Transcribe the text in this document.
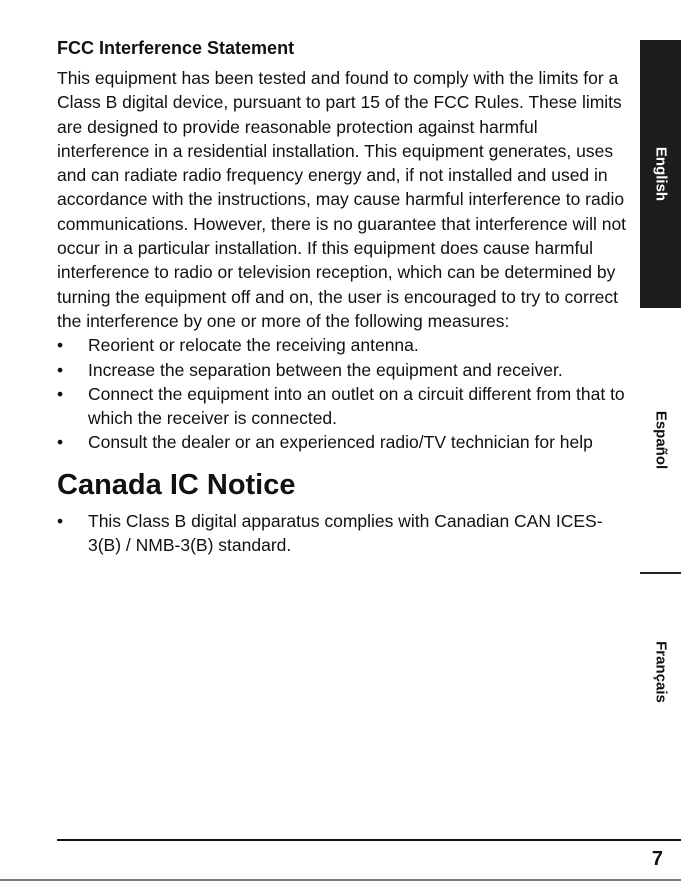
FCC Interference Statement

This equipment has been tested and found to comply with the limits for a Class B digital device, pursuant to part 15 of the FCC Rules. These limits are designed to provide reasonable protection against harmful interference in a residential installation. This equipment generates, uses and can radiate radio frequency energy and, if not installed and used in accordance with the instructions, may cause harmful interference to radio communications. However, there is no guarantee that interference will not occur in a particular installation. If this equipment does cause harmful interference to radio or television reception, which can be determined by turning the equipment off and on, the user is encouraged to try to correct the interference by one or more of the following measures:

• Reorient or relocate the receiving antenna.
• Increase the separation between the equipment and receiver.
• Connect the equipment into an outlet on a circuit different from that to which the receiver is connected.
• Consult the dealer or an experienced radio/TV technician for help
Canada IC Notice
• This Class B digital apparatus complies with Canadian CAN ICES-3(B) / NMB-3(B) standard.
English
Español
Français
7
